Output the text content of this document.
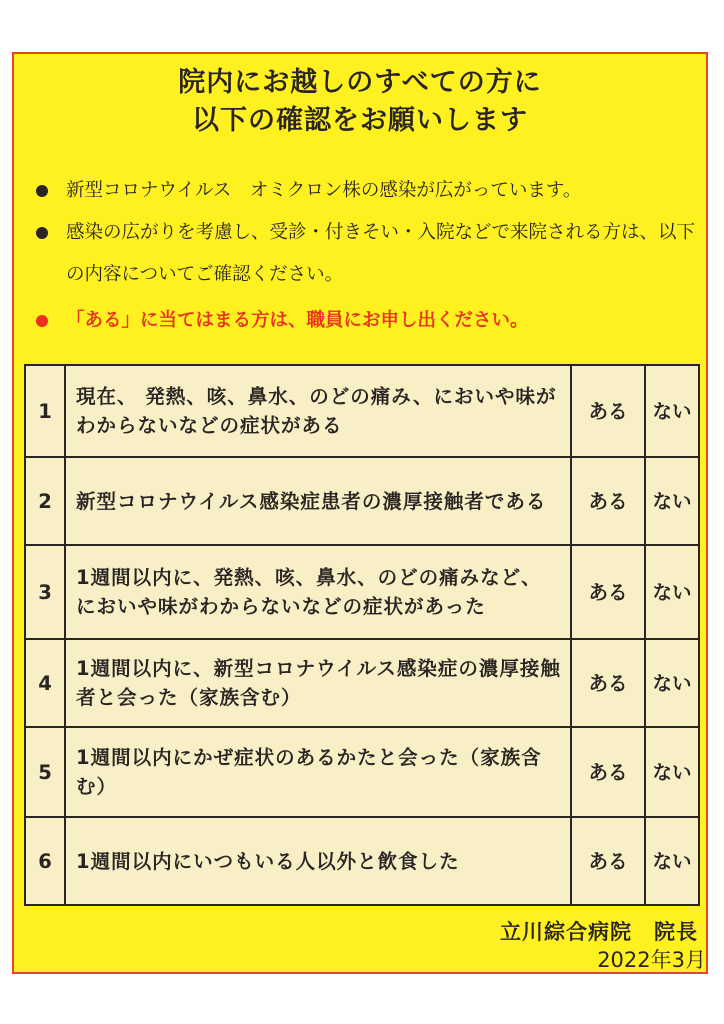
院内にお越しのすべての方に
以下の確認をお願いします
新型コロナウイルス　オミクロン株の感染が広がっています。
感染の広がりを考慮し、受診・付きそい・入院などで来院される方は、以下の内容についてご確認ください。
「ある」に当てはまる方は、職員にお申し出ください。
1	現在、 発熱、咳、鼻水、のどの痛み、においや味がわからないなどの症状がある	ある	ない
2	新型コロナウイルス感染症患者の濃厚接触者である	ある	ない
3	1週間以内に、発熱、咳、鼻水、のどの痛みなど、においや味がわからないなどの症状があった	ある	ない
4	1週間以内に、新型コロナウイルス感染症の濃厚接触者と会った（家族含む）	ある	ない
5	1週間以内にかぜ症状のあるかたと会った（家族含む）	ある	ない
6	1週間以内にいつもいる人以外と飲食した	ある	ない
立川綜合病院　院長
2022年3月
